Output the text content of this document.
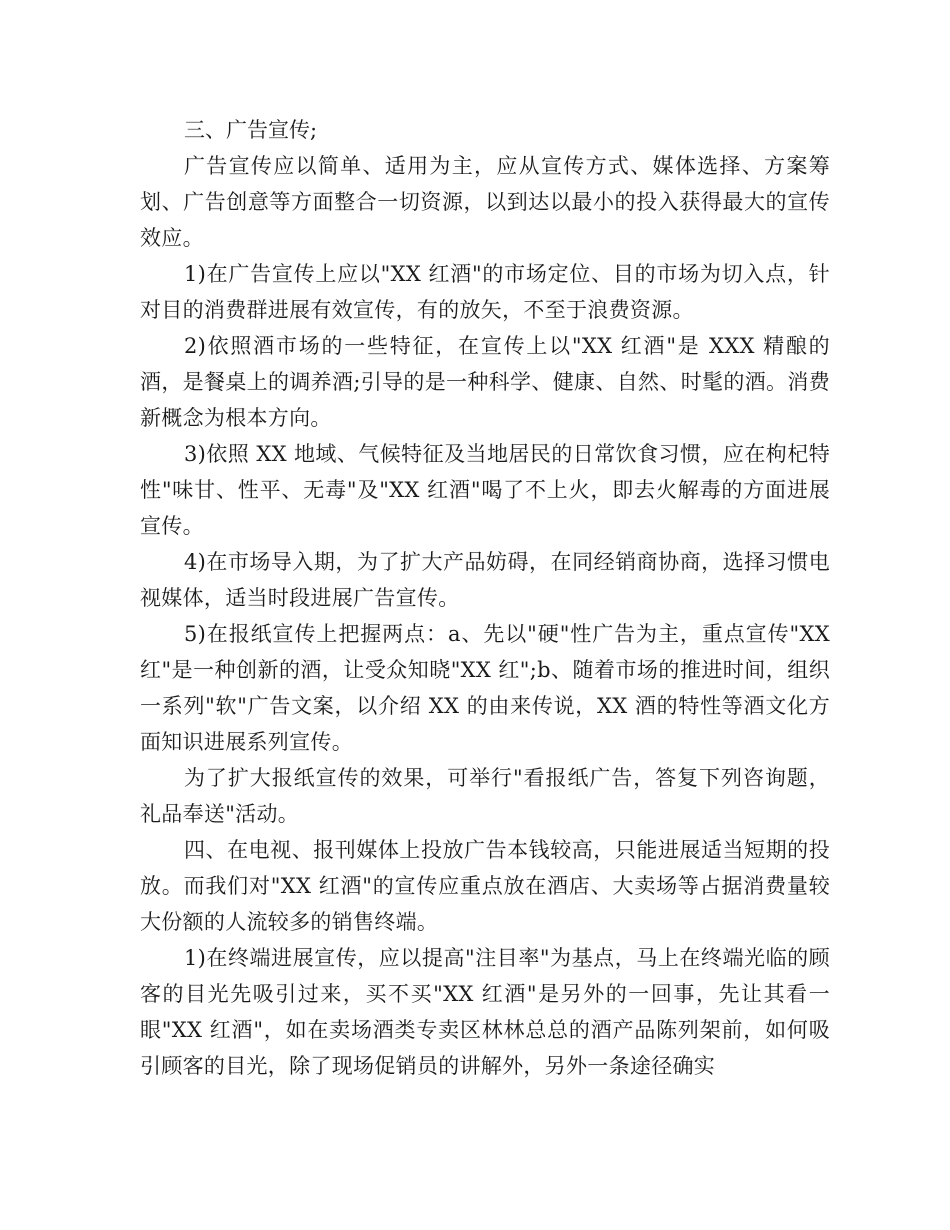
三、广告宣传;

广告宣传应以简单、适用为主，应从宣传方式、媒体选择、方案筹划、广告创意等方面整合一切资源，以到达以最小的投入获得最大的宣传效应。

1)在广告宣传上应以"XX 红酒"的市场定位、目的市场为切入点，针对目的消费群进展有效宣传，有的放矢，不至于浪费资源。

2)依照酒市场的一些特征，在宣传上以"XX 红酒"是 XXX 精酿的酒，是餐桌上的调养酒;引导的是一种科学、健康、自然、时髦的酒。消费新概念为根本方向。

3)依照 XX 地域、气候特征及当地居民的日常饮食习惯，应在枸杞特性"味甘、性平、无毒"及"XX 红酒"喝了不上火，即去火解毒的方面进展宣传。

4)在市场导入期，为了扩大产品妨碍，在同经销商协商，选择习惯电视媒体，适当时段进展广告宣传。

5)在报纸宣传上把握两点：a、先以"硬"性广告为主，重点宣传"XX 红"是一种创新的酒，让受众知晓"XX 红";b、随着市场的推进时间，组织一系列"软"广告文案，以介绍 XX 的由来传说，XX 酒的特性等酒文化方面知识进展系列宣传。

为了扩大报纸宣传的效果，可举行"看报纸广告，答复下列咨询题，礼品奉送"活动。

四、在电视、报刊媒体上投放广告本钱较高，只能进展适当短期的投放。而我们对"XX 红酒"的宣传应重点放在酒店、大卖场等占据消费量较大份额的人流较多的销售终端。

1)在终端进展宣传，应以提高"注目率"为基点，马上在终端光临的顾客的目光先吸引过来，买不买"XX 红酒"是另外的一回事，先让其看一眼"XX 红酒"，如在卖场酒类专卖区林林总总的酒产品陈列架前，如何吸引顾客的目光，除了现场促销员的讲解外，另外一条途径确实
